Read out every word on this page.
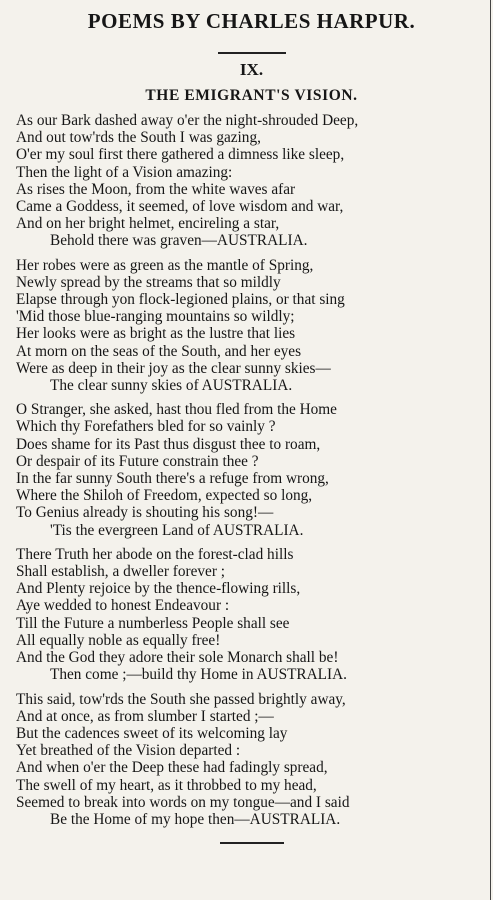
POEMS BY CHARLES HARPUR.
IX.
THE EMIGRANT'S VISION.
As our Bark dashed away o'er the night-shrouded Deep,
And out tow'rds the South I was gazing,
O'er my soul first there gathered a dimness like sleep,
Then the light of a Vision amazing:
As rises the Moon, from the white waves afar
Came a Goddess, it seemed, of love wisdom and war,
And on her bright helmet, encireling a star,
Behold there was graven—AUSTRALIA.
Her robes were as green as the mantle of Spring,
Newly spread by the streams that so mildly
Elapse through yon flock-legioned plains, or that sing
'Mid those blue-ranging mountains so wildly;
Her looks were as bright as the lustre that lies
At morn on the seas of the South, and her eyes
Were as deep in their joy as the clear sunny skies—
The clear sunny skies of AUSTRALIA.
O Stranger, she asked, hast thou fled from the Home
Which thy Forefathers bled for so vainly ?
Does shame for its Past thus disgust thee to roam,
Or despair of its Future constrain thee ?
In the far sunny South there's a refuge from wrong,
Where the Shiloh of Freedom, expected so long,
To Genius already is shouting his song!—
'Tis the evergreen Land of AUSTRALIA.
There Truth her abode on the forest-clad hills
Shall establish, a dweller forever ;
And Plenty rejoice by the thence-flowing rills,
Aye wedded to honest Endeavour :
Till the Future a numberless People shall see
All equally noble as equally free!
And the God they adore their sole Monarch shall be!
Then come ;—build thy Home in AUSTRALIA.
This said, tow'rds the South she passed brightly away,
And at once, as from slumber I started ;—
But the cadences sweet of its welcoming lay
Yet breathed of the Vision departed :
And when o'er the Deep these had fadingly spread,
The swell of my heart, as it throbbed to my head,
Seemed to break into words on my tongue—and I said
Be the Home of my hope then—AUSTRALIA.
